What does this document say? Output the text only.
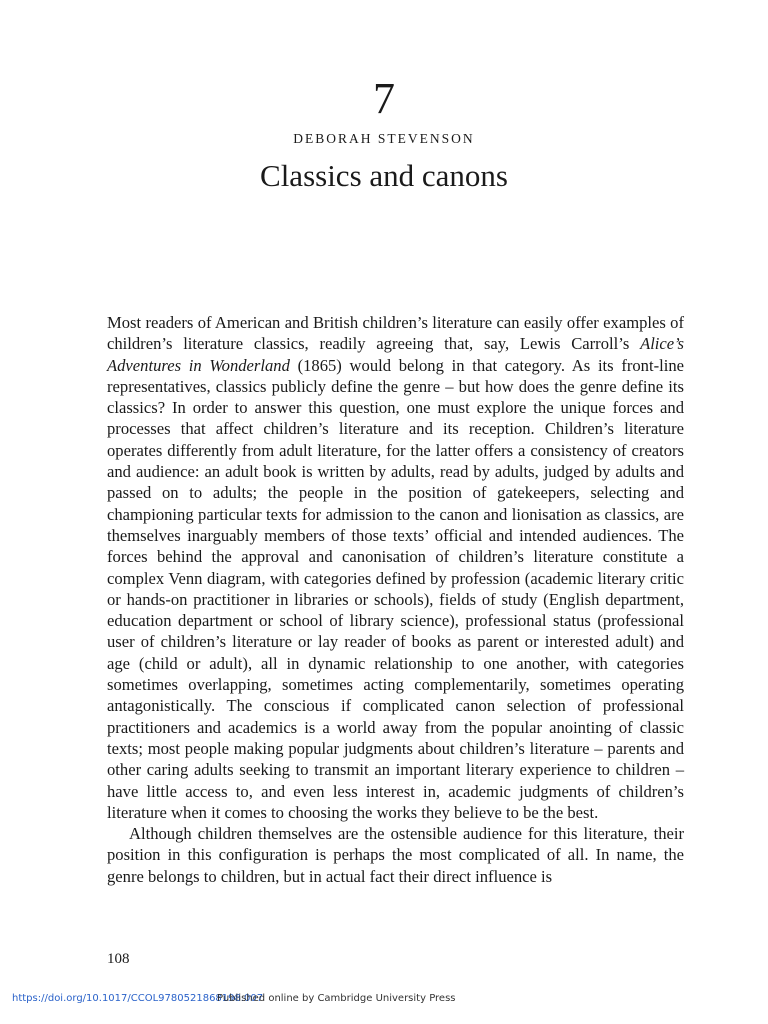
7
DEBORAH STEVENSON
Classics and canons

Most readers of American and British children’s literature can easily offer examples of children’s literature classics, readily agreeing that, say, Lewis Carroll’s Alice’s Adventures in Wonderland (1865) would belong in that category. As its front-line representatives, classics publicly define the genre – but how does the genre define its classics? In order to answer this question, one must explore the unique forces and processes that affect children’s literature and its reception. Children’s literature operates differently from adult literature, for the latter offers a consistency of creators and audience: an adult book is written by adults, read by adults, judged by adults and passed on to adults; the people in the position of gatekeepers, selecting and championing particular texts for admission to the canon and lionisation as classics, are themselves inarguably members of those texts’ official and intended audiences. The forces behind the approval and canonisation of children’s literature constitute a complex Venn diagram, with categories defined by profession (academic literary critic or hands-on practitioner in libraries or schools), fields of study (English department, education department or school of library science), professional status (professional user of children’s literature or lay reader of books as parent or interested adult) and age (child or adult), all in dynamic relationship to one another, with categories sometimes overlapping, sometimes acting complementarily, sometimes operating antagonistically. The conscious if complicated canon selection of professional practitioners and academics is a world away from the popular anointing of classic texts; most people making popular judgments about children’s literature – parents and other caring adults seeking to transmit an important literary experience to children – have little access to, and even less interest in, academic judgments of children’s literature when it comes to choosing the works they believe to be the best.

Although children themselves are the ostensible audience for this literature, their position in this configuration is perhaps the most complicated of all. In name, the genre belongs to children, but in actual fact their direct influence is

108
https://doi.org/10.1017/CCOL9780521868198.007
Published online by Cambridge University Press
